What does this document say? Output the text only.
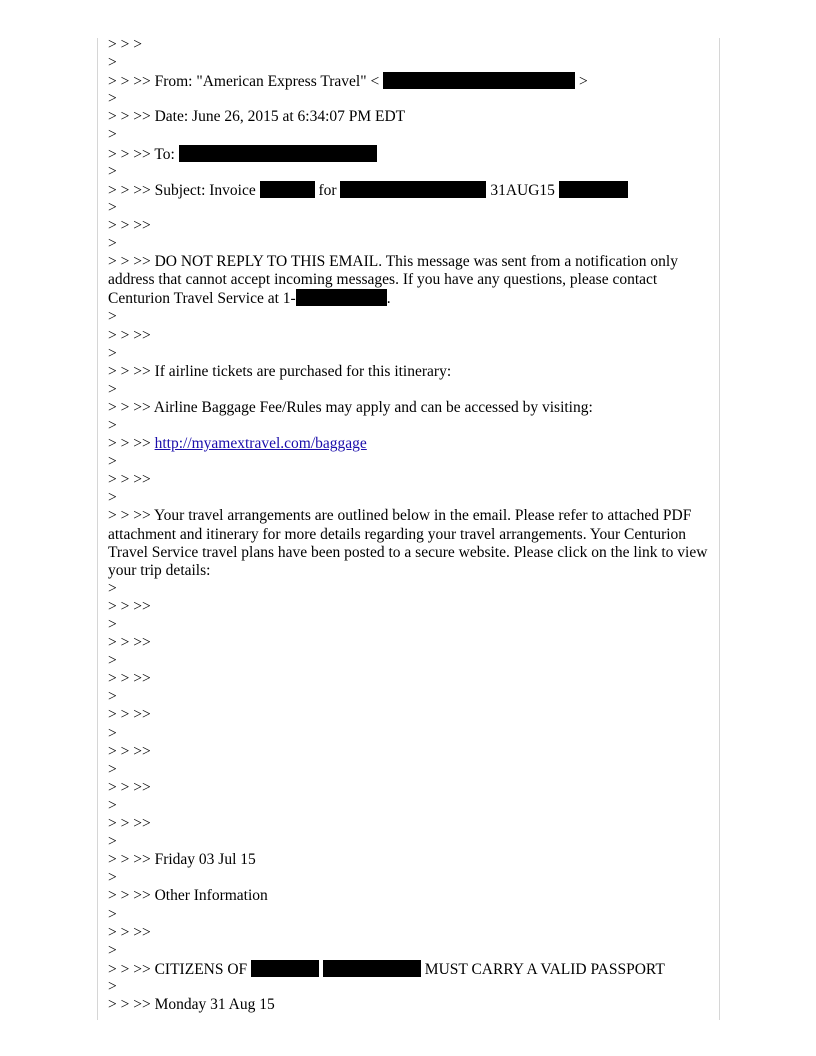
> > >
>
> > >> From: "American Express Travel" <	>
>
> > >> Date: June 26, 2015 at 6:34:07 PM EDT
>
> > >> To:
>
> > >> Subject: Invoice	for	31AUG15
>
> > >>
>
> > >> DO NOT REPLY TO THIS EMAIL. This message was sent from a notification only address that cannot accept incoming messages. If you have any questions, please contact Centurion Travel Service at 1-	.
>
> > >>
>
> > >> If airline tickets are purchased for this itinerary:
>
> > >> Airline Baggage Fee/Rules may apply and can be accessed by visiting:
>
> > >> http://myamextravel.com/baggage
>
> > >>
>
> > >> Your travel arrangements are outlined below in the email. Please refer to attached PDF attachment and itinerary for more details regarding your travel arrangements. Your Centurion Travel Service travel plans have been posted to a secure website. Please click on the link to view your trip details:
>
> > >>
>
> > >>
>
> > >>
>
> > >>
>
> > >>
>
> > >>
>
> > >>
>
> > >> Friday 03 Jul 15
>
> > >> Other Information
>
> > >>
>
> > >> CITIZENS OF	MUST CARRY A VALID PASSPORT
>
> > >> Monday 31 Aug 15
